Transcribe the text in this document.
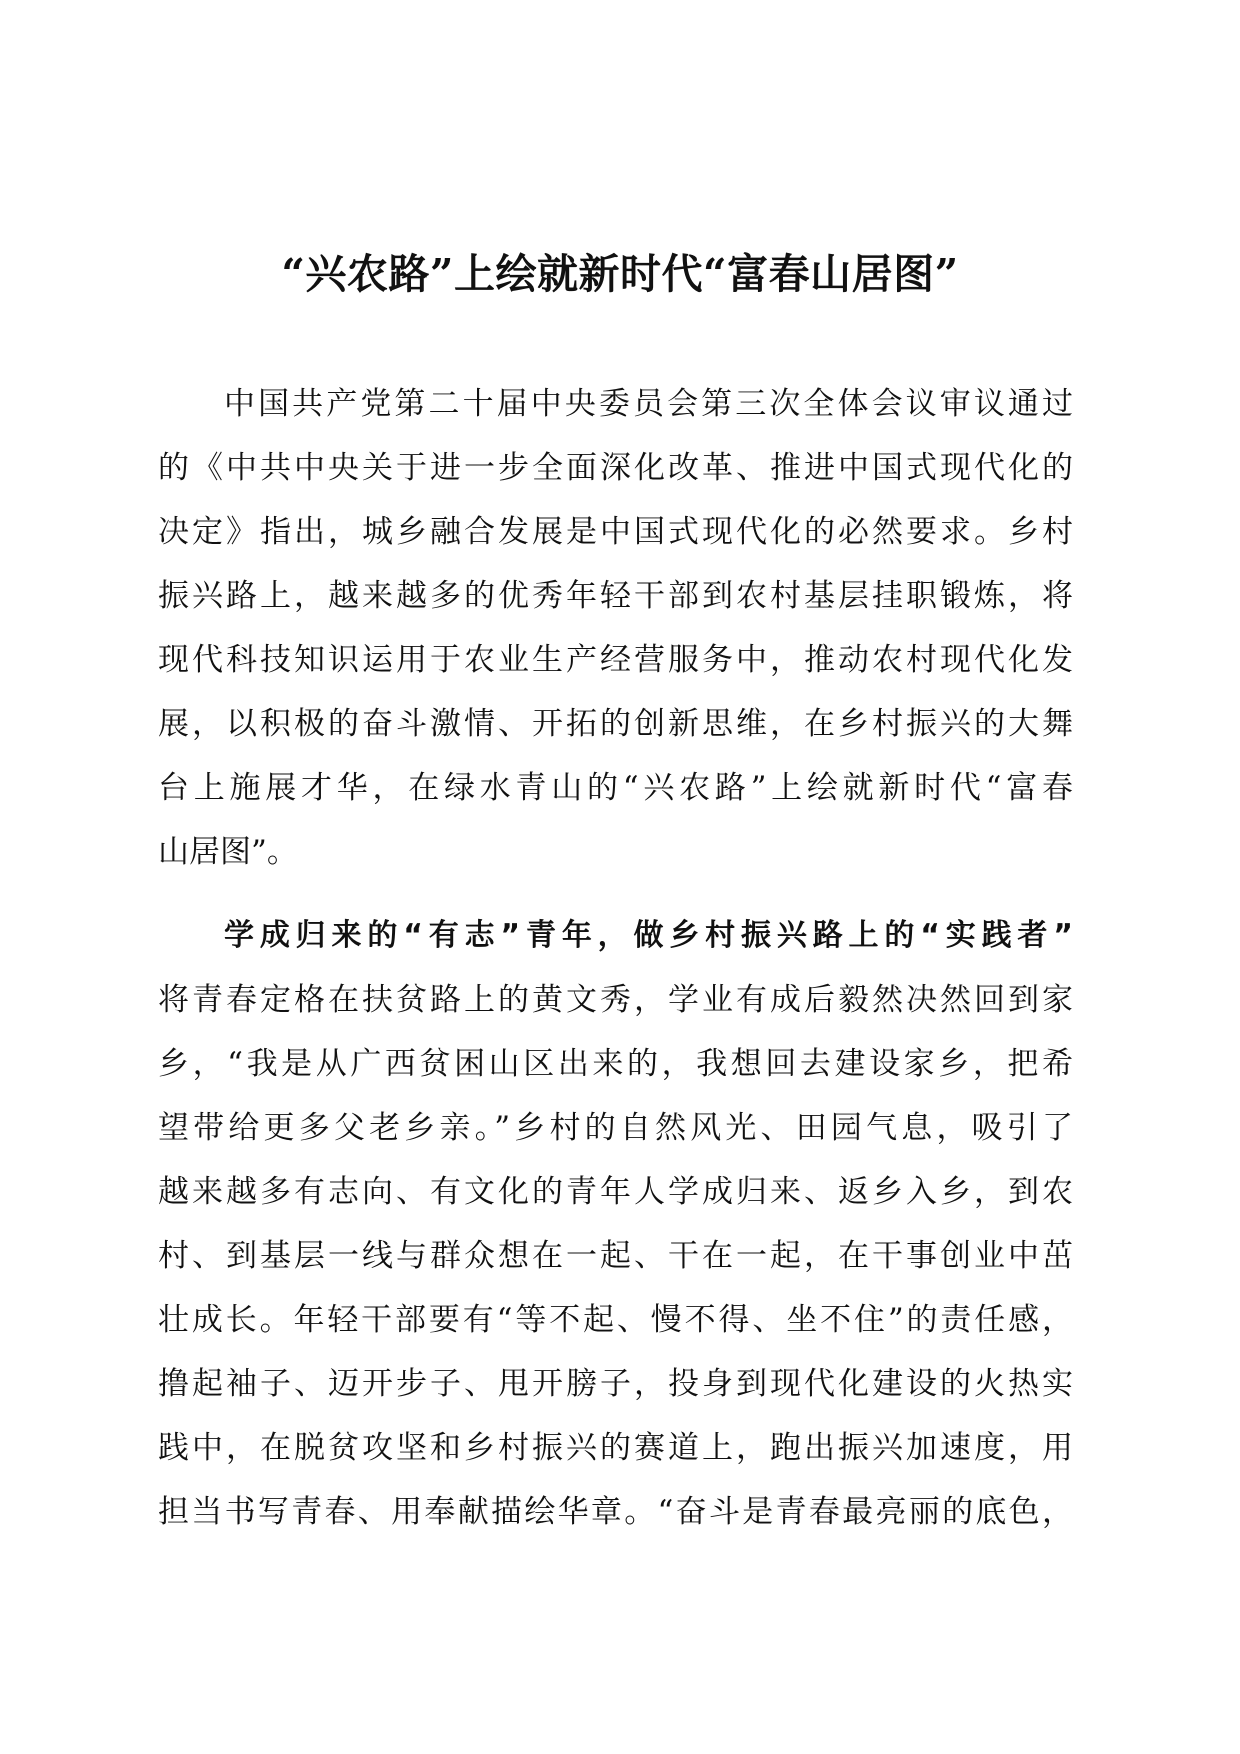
“兴农路”上绘就新时代“富春山居图”
中国共产党第二十届中央委员会第三次全体会议审议通过
的《中共中央关于进一步全面深化改革、推进中国式现代化的
决定》指出，城乡融合发展是中国式现代化的必然要求。乡村
振兴路上，越来越多的优秀年轻干部到农村基层挂职锻炼，将
现代科技知识运用于农业生产经营服务中，推动农村现代化发
展，以积极的奋斗激情、开拓的创新思维，在乡村振兴的大舞
台上施展才华，在绿水青山的“兴农路”上绘就新时代“富春
山居图”。
学成归来的“有志”青年，做乡村振兴路上的“实践者”
将青春定格在扶贫路上的黄文秀，学业有成后毅然决然回到家
乡，“我是从广西贫困山区出来的，我想回去建设家乡，把希
望带给更多父老乡亲。”乡村的自然风光、田园气息，吸引了
越来越多有志向、有文化的青年人学成归来、返乡入乡，到农
村、到基层一线与群众想在一起、干在一起，在干事创业中茁
壮成长。年轻干部要有“等不起、慢不得、坐不住”的责任感，
撸起袖子、迈开步子、甩开膀子，投身到现代化建设的火热实
践中，在脱贫攻坚和乡村振兴的赛道上，跑出振兴加速度，用
担当书写青春、用奉献描绘华章。“奋斗是青春最亮丽的底色，
